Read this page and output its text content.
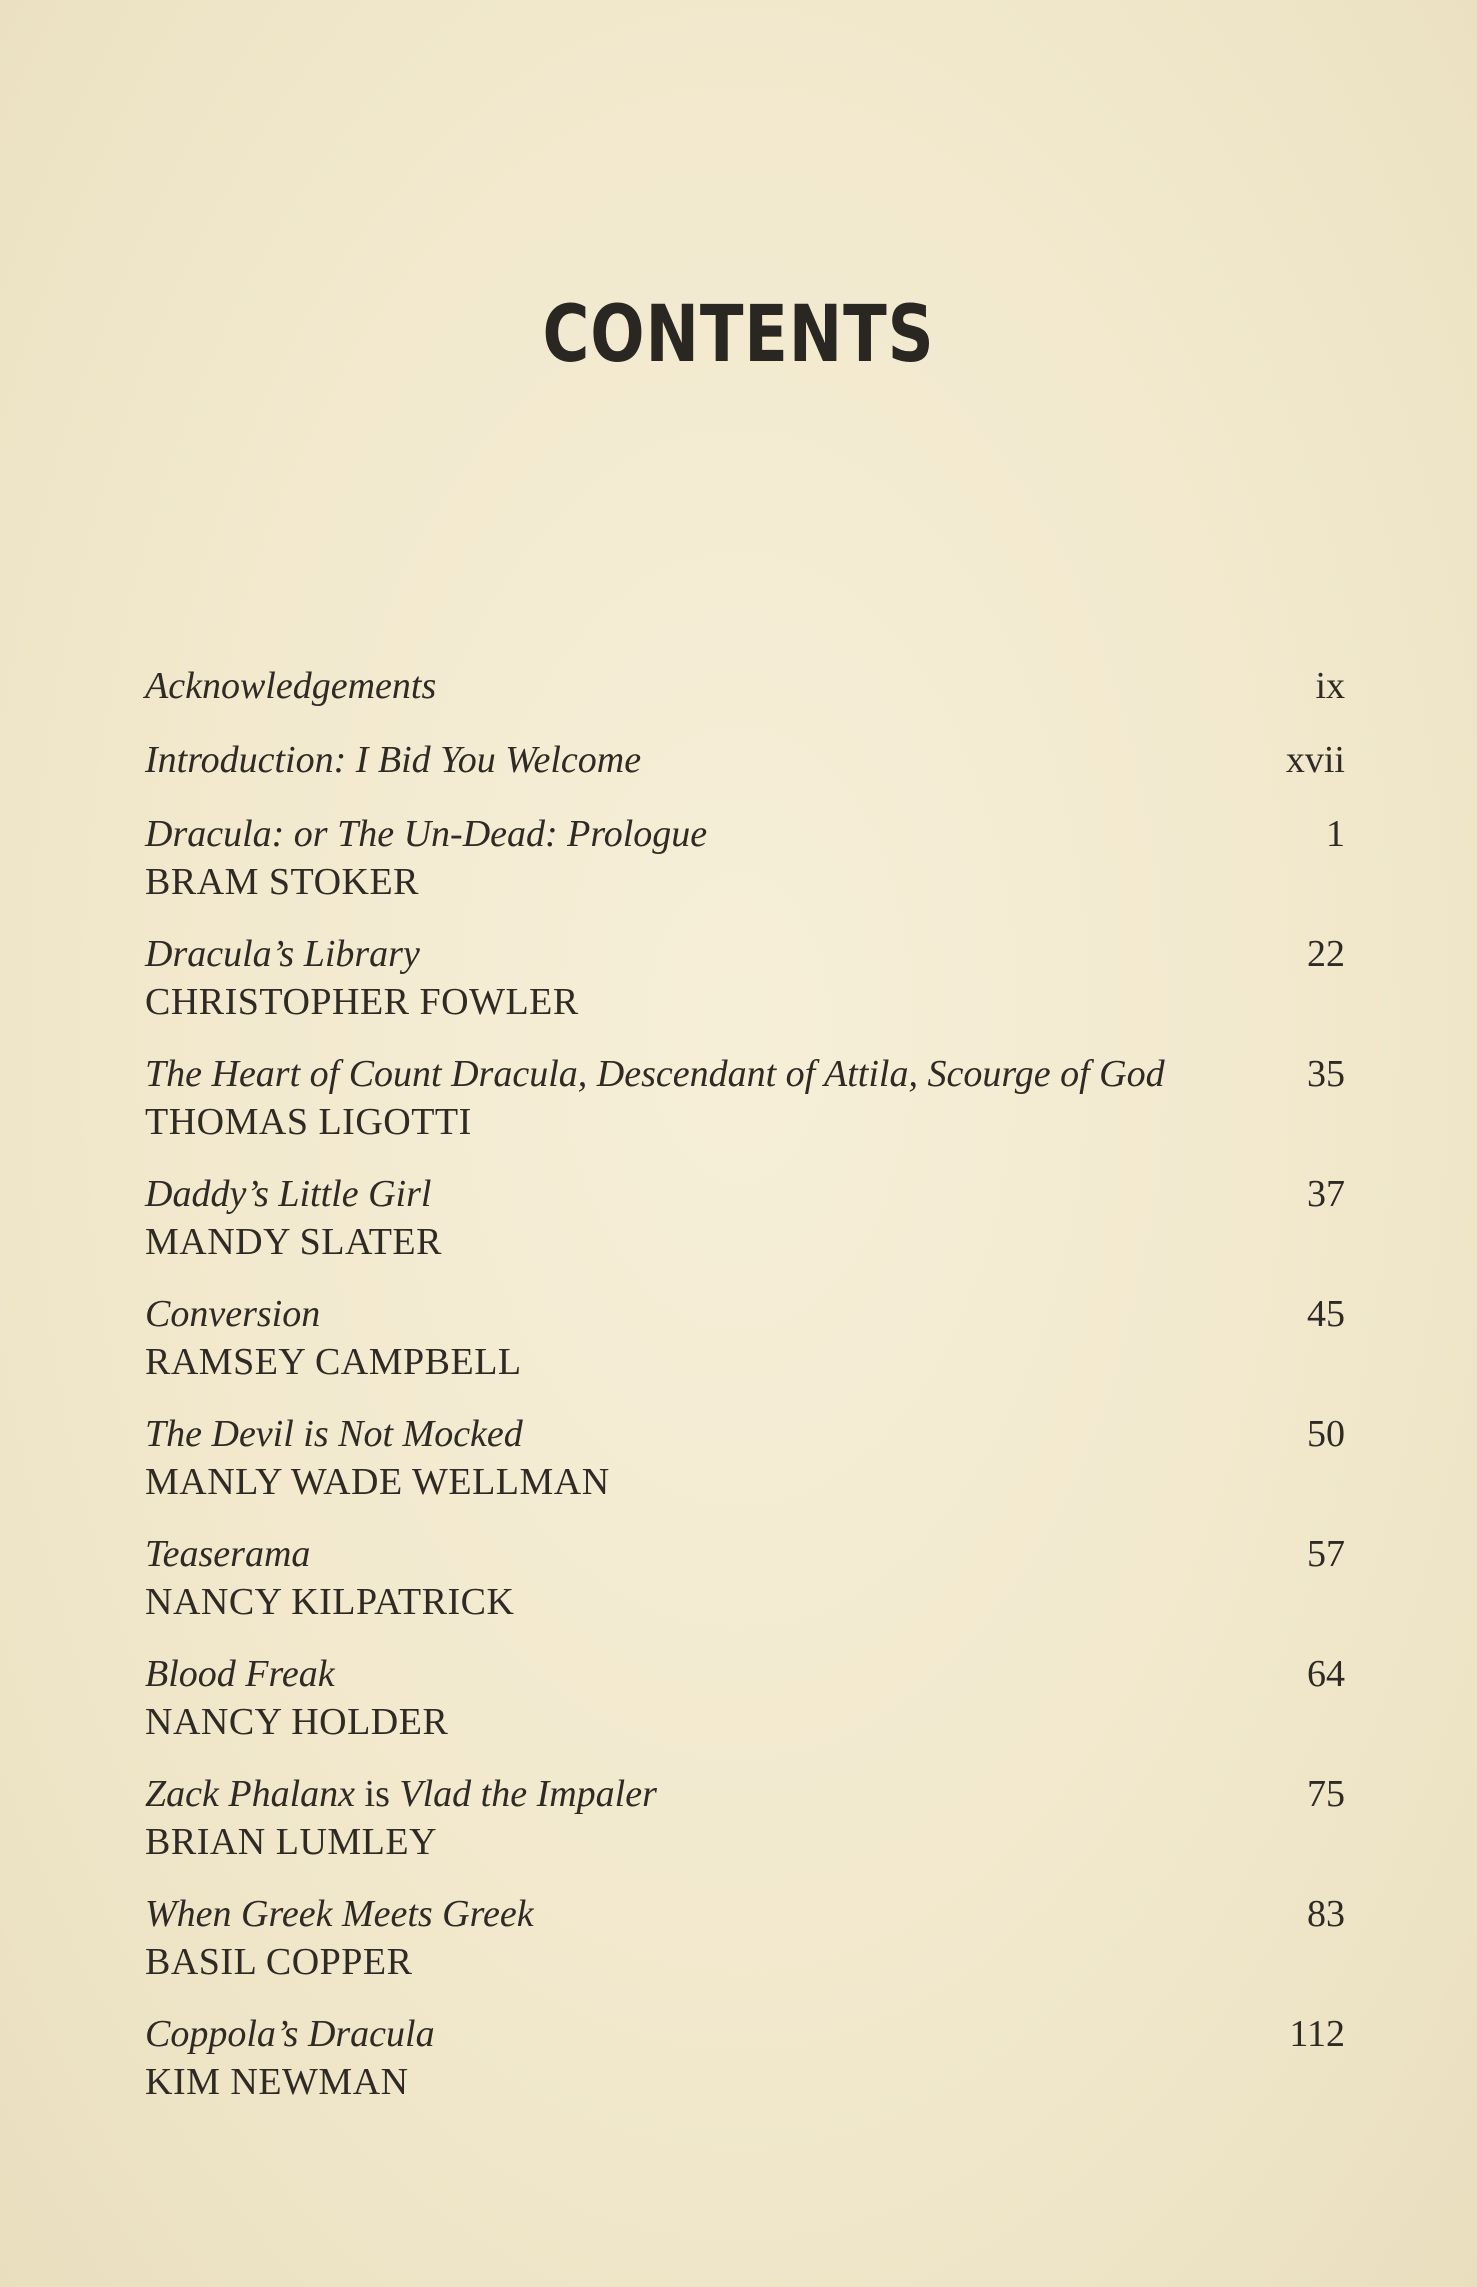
CONTENTS
Acknowledgements	ix
Introduction: I Bid You Welcome	xvii
Dracula: or The Un-Dead: Prologue
BRAM STOKER
1
Dracula’s Library
CHRISTOPHER FOWLER
22
The Heart of Count Dracula, Descendant of Attila, Scourge of God
THOMAS LIGOTTI
35
Daddy’s Little Girl
MANDY SLATER
37
Conversion
RAMSEY CAMPBELL
45
The Devil is Not Mocked
MANLY WADE WELLMAN
50
Teaserama
NANCY KILPATRICK
57
Blood Freak
NANCY HOLDER
64
Zack Phalanx is Vlad the Impaler
BRIAN LUMLEY
75
When Greek Meets Greek
BASIL COPPER
83
Coppola’s Dracula
KIM NEWMAN
112
